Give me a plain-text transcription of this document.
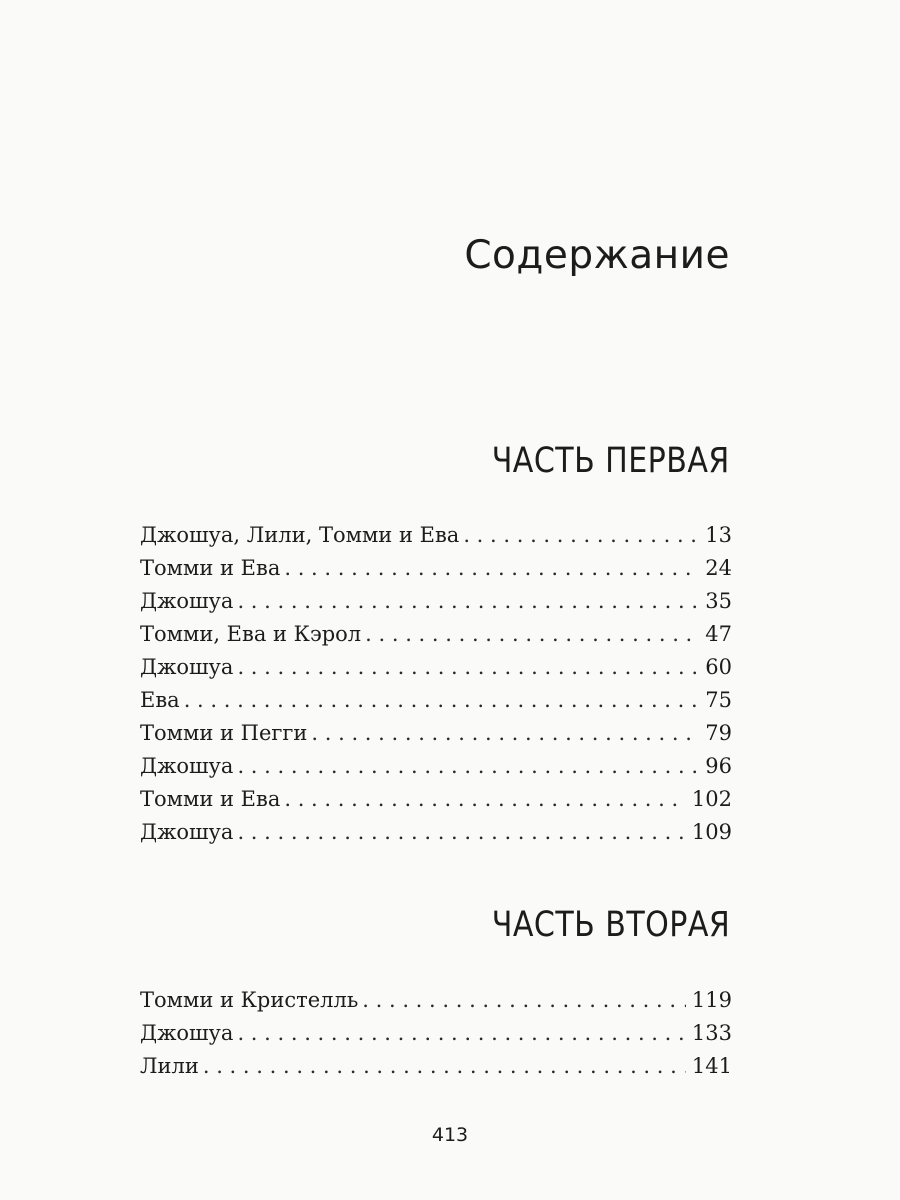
Содержание
ЧАСТЬ ПЕРВАЯ
Джошуа, Лили, Томми и Ева . . .	13
Томми и Ева . . .	24
Джошуа . . .	35
Томми, Ева и Кэрол . . .	47
Джошуа . . .	60
Ева . . .	75
Томми и Пегги . . .	79
Джошуа . . .	96
Томми и Ева . . .	102
Джошуа . . .	109
ЧАСТЬ ВТОРАЯ
Томми и Кристелль . . .	119
Джошуа . . .	133
Лили . . .	141
413
